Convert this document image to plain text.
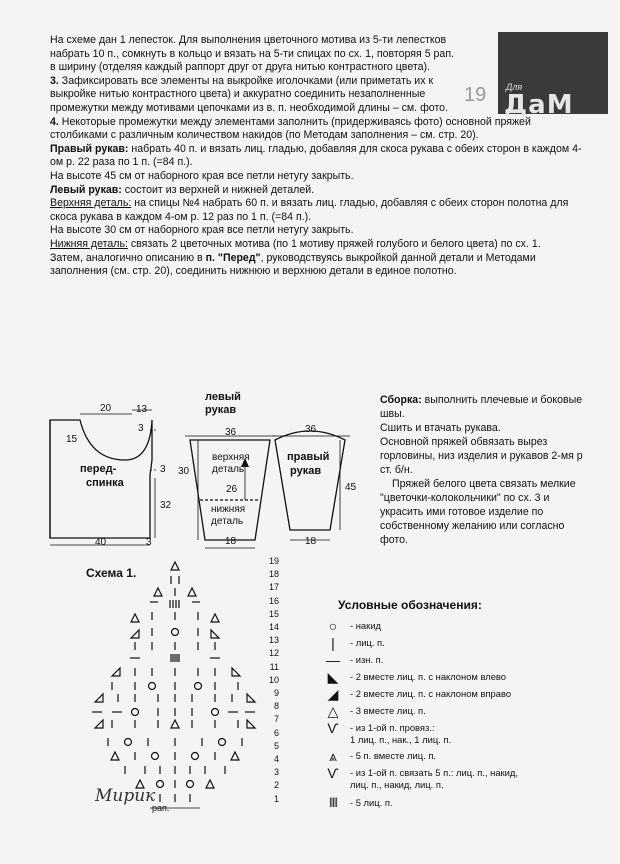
19 Для
ДаМ

На схеме дан 1 лепесток. Для выполнения цветочного мотива из 5-ти лепестков набрать 10 п., сомкнуть в кольцо и вязать на 5-ти спицах по сх. 1, повторяя 5 рап. в ширину (отделяя каждый раппорт друг от друга нитью контрастного цвета).

3. Зафиксировать все элементы на выкройке иголочками (или приметать их к выкройке нитью контрастного цвета) и аккуратно соединить незаполненные промежутки между мотивами цепочками из в. п. необходимой длины – см. фото.

4. Некоторые промежутки между элементами заполнить (придерживаясь фото) основной пряжей столбиками с различным количеством накидов (по Методам заполнения – см. стр. 20).

Правый рукав: набрать 40 п. и вязать лиц. гладью, добавляя для скоса рукава с обеих сторон в каждом 4-ом р. 22 раза по 1 п. (=84 п.).

На высоте 45 см от наборного края все петли нетугу закрыть.

Левый рукав: состоит из верхней и нижней деталей.

Верхняя деталь: на спицы №4 набрать 60 п. и вязать лиц. гладью, добавляя с обеих сторон полотна для скоса рукава в каждом 4-ом р. 12 раз по 1 п. (=84 п.).

На высоте 30 см от наборного края все петли нетугу закрыть.

Нижняя деталь: связать 2 цветочных мотива (по 1 мотиву пряжей голубого и белого цвета) по сх. 1.

Затем, аналогично описанию в п. "Перед", руководствуясь выкройкой данной детали и Методами заполнения (см. стр. 20), соединить нижнюю и верхнюю детали в единое полотно.

20 13
3
15
3
32
40	3
перед-
спинка
левый
рукав
36
верхняя
деталь
30
26
нижняя
деталь
18
36
правый
рукав
45
18

Сборка: выполнить плечевые и боковые швы.

Сшить и втачать рукава.

Основной пряжей обвязать вырез горловины, низ изделия и рукавов 2-мя р ст. б/н.

Пряжей белого цвета связать мелкие "цветочки-колокольчики" по сх. 3 и украсить ими готовое изделие по собственному желанию или согласно фото.

Схема 1.
19
18
17
16
15
14
13
12
11
10
9
8
7
6
5
4
3
2
1
рап.
Мирик
Условные обозначения:
○	- накид
|	- лиц. п.
—	- изн. п.
◣	- 2 вместе лиц. п. с наклоном влево
◢	- 2 вместе лиц. п. с наклоном вправо
△	- 3 вместе лиц. п.
Ѵ	- из 1-ой п. провяз.:
1 лиц. п., нак., 1 лиц. п.
⩓	- 5 п. вместе лиц. п.
Ѵ	- из 1-ой п. связать 5 п.: лиц. п., накид,
лиц. п., накид, лиц. п.
|||||	- 5 лиц. п.
